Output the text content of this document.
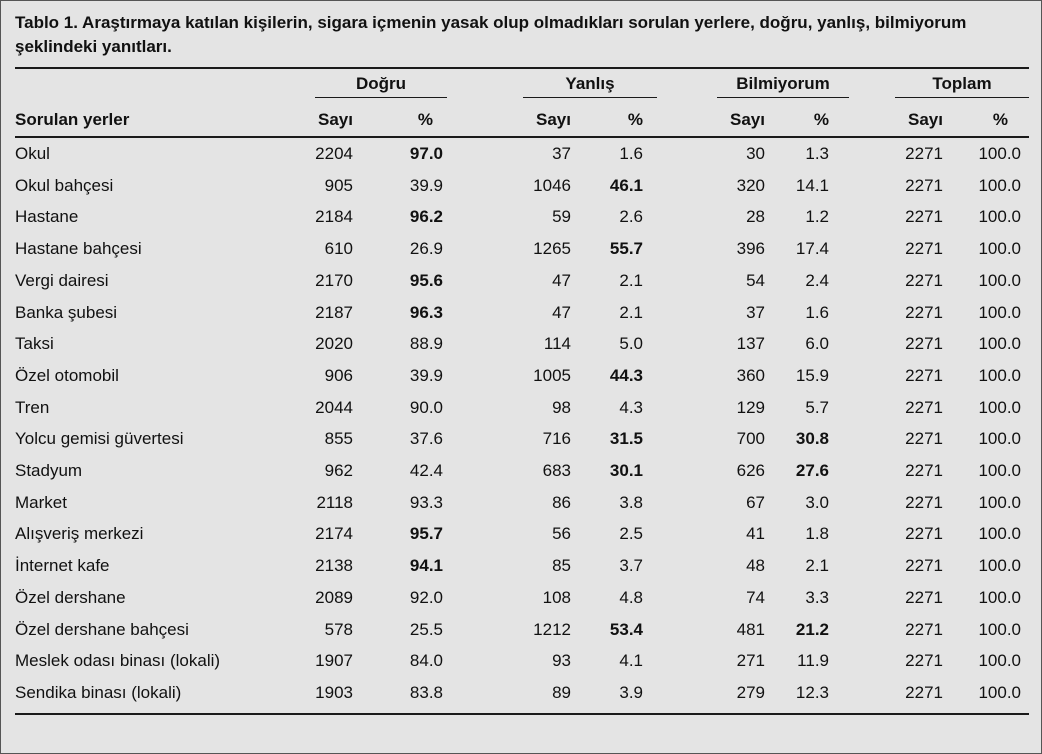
Tablo 1. Araştırmaya katılan kişilerin, sigara içmenin yasak olup olmadıkları sorulan yerlere, doğru, yanlış, bilmiyorum şeklindeki yanıtları.
Doğru	Yanlış	Bilmiyorum	Toplam
Sorulan yerler	Sayı	%	Sayı	%	Sayı	%	Sayı	%
Okul	2204	97.0	37	1.6	30	1.3	2271	100.0
Okul bahçesi	905	39.9	1046	46.1	320	14.1	2271	100.0
Hastane	2184	96.2	59	2.6	28	1.2	2271	100.0
Hastane bahçesi	610	26.9	1265	55.7	396	17.4	2271	100.0
Vergi dairesi	2170	95.6	47	2.1	54	2.4	2271	100.0
Banka şubesi	2187	96.3	47	2.1	37	1.6	2271	100.0
Taksi	2020	88.9	114	5.0	137	6.0	2271	100.0
Özel otomobil	906	39.9	1005	44.3	360	15.9	2271	100.0
Tren	2044	90.0	98	4.3	129	5.7	2271	100.0
Yolcu gemisi güvertesi	855	37.6	716	31.5	700	30.8	2271	100.0
Stadyum	962	42.4	683	30.1	626	27.6	2271	100.0
Market	2118	93.3	86	3.8	67	3.0	2271	100.0
Alışveriş merkezi	2174	95.7	56	2.5	41	1.8	2271	100.0
İnternet kafe	2138	94.1	85	3.7	48	2.1	2271	100.0
Özel dershane	2089	92.0	108	4.8	74	3.3	2271	100.0
Özel dershane bahçesi	578	25.5	1212	53.4	481	21.2	2271	100.0
Meslek odası binası (lokali)	1907	84.0	93	4.1	271	11.9	2271	100.0
Sendika binası (lokali)	1903	83.8	89	3.9	279	12.3	2271	100.0
